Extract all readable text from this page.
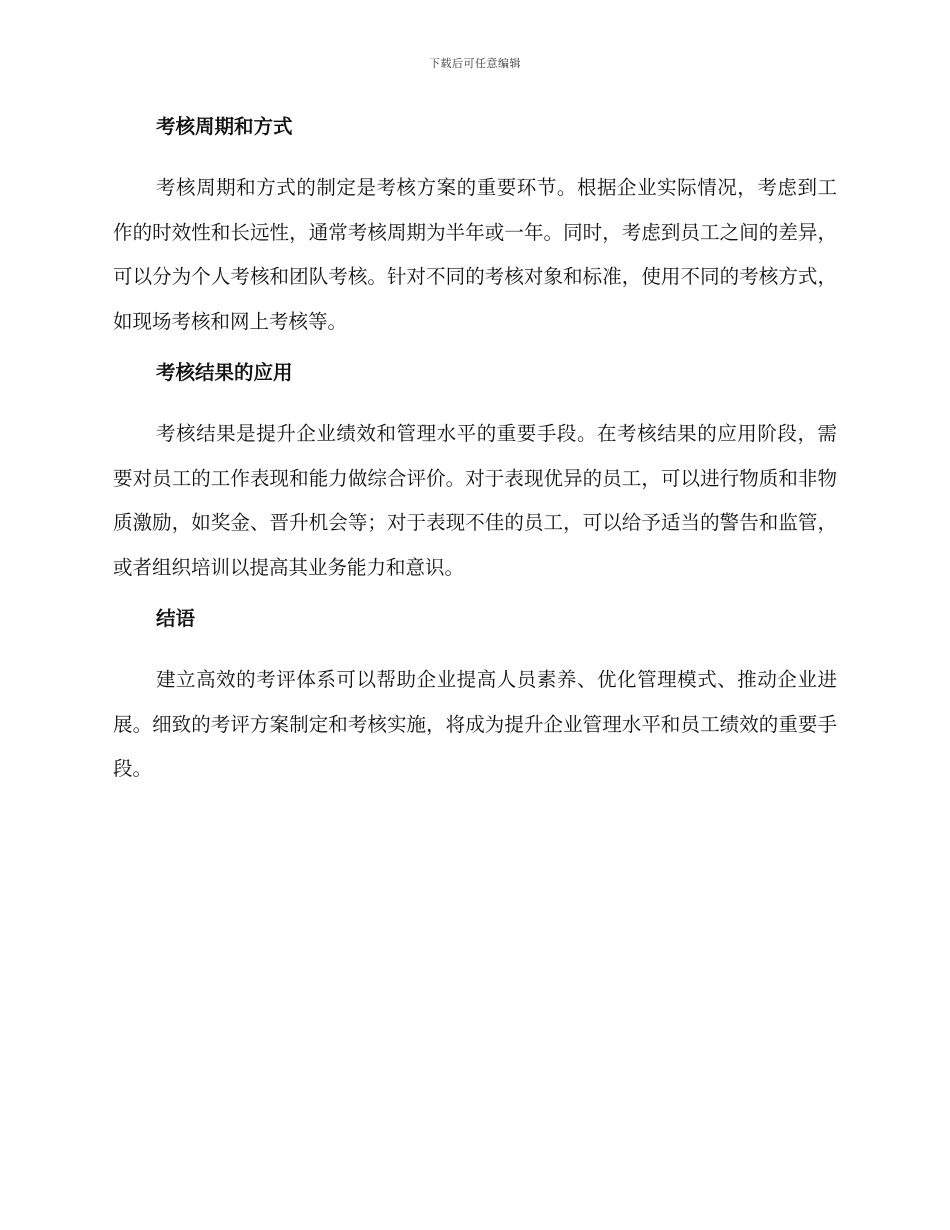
下载后可任意编辑
考核周期和方式

考核周期和方式的制定是考核方案的重要环节。根据企业实际情况，考虑到工作的时效性和长远性，通常考核周期为半年或一年。同时，考虑到员工之间的差异，可以分为个人考核和团队考核。针对不同的考核对象和标准，使用不同的考核方式，如现场考核和网上考核等。

考核结果的应用

考核结果是提升企业绩效和管理水平的重要手段。在考核结果的应用阶段，需要对员工的工作表现和能力做综合评价。对于表现优异的员工，可以进行物质和非物质激励，如奖金、晋升机会等；对于表现不佳的员工，可以给予适当的警告和监管，或者组织培训以提高其业务能力和意识。

结语

建立高效的考评体系可以帮助企业提高人员素养、优化管理模式、推动企业进展。细致的考评方案制定和考核实施，将成为提升企业管理水平和员工绩效的重要手段。
